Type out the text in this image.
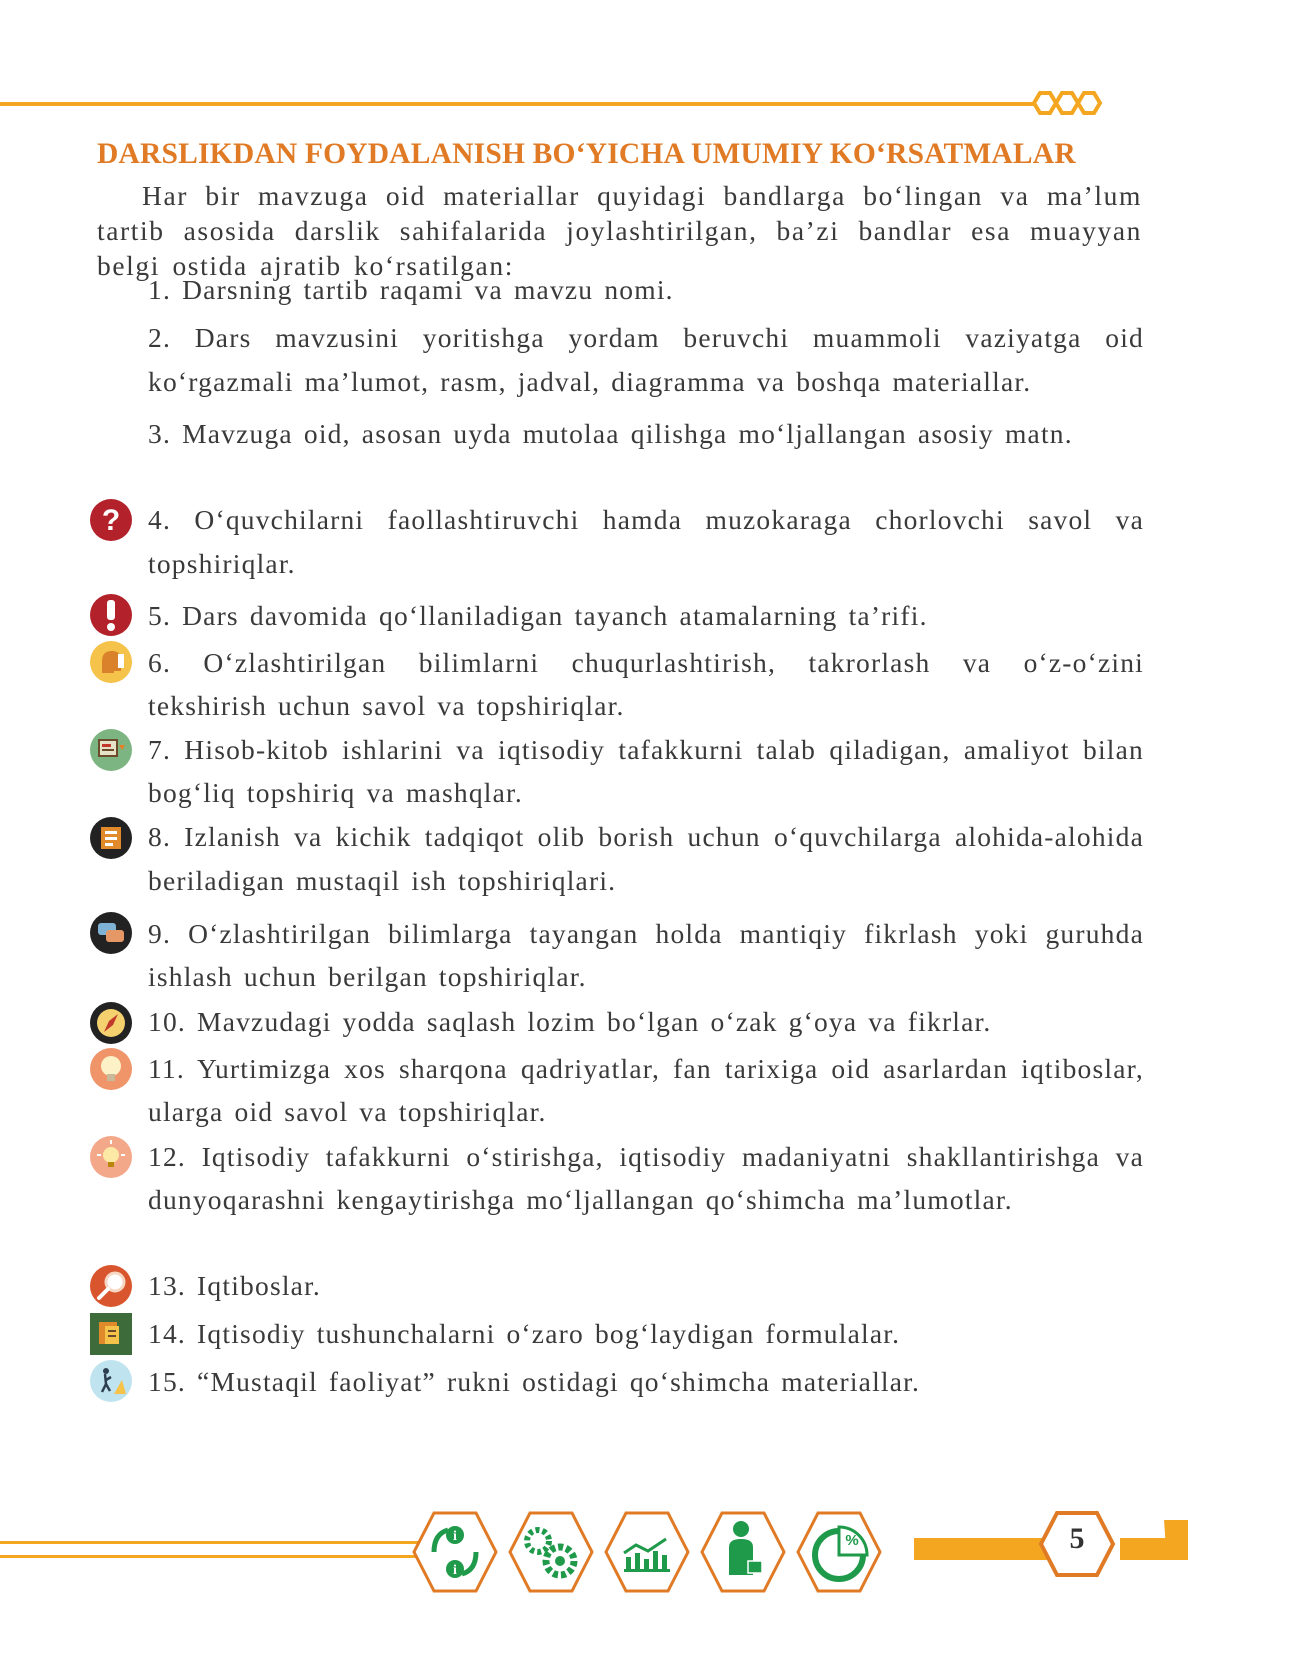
DARSLIKDAN FOYDALANISH BO‘YICHA UMUMIY KO‘RSATMALAR

Har bir mavzuga oid materiallar quyidagi bandlarga bo‘lingan va ma’lum tartib asosida darslik sahifalarida joylashtirilgan, ba’zi bandlar esa muayyan belgi ostida ajratib ko‘rsatilgan:

1. Darsning tartib raqami va mavzu nomi.
2. Dars mavzusini yoritishga yordam beruvchi muammoli vaziyatga oid ko‘rgazmali ma’lumot, rasm, jadval, diagramma va boshqa materiallar.
3. Mavzuga oid, asosan uyda mutolaa qilishga mo‘ljallangan asosiy matn.
4. O‘quvchilarni faollashtiruvchi hamda muzokaraga chorlovchi savol va topshiriqlar.
5. Dars davomida qo‘llaniladigan tayanch atamalarning ta’rifi.
6. O‘zlashtirilgan bilimlarni chuqurlashtirish, takrorlash va o‘z-o‘zini tekshirish uchun savol va topshiriqlar.
7. Hisob-kitob ishlarini va iqtisodiy tafakkurni talab qiladigan, amaliyot bilan bog‘liq topshiriq va mashqlar.
8. Izlanish va kichik tadqiqot olib borish uchun o‘quvchilarga alohida-alohida beriladigan mustaqil ish topshiriqlari.
9. O‘zlashtirilgan bilimlarga tayangan holda mantiqiy fikrlash yoki guruhda ishlash uchun berilgan topshiriqlar.
10. Mavzudagi yodda saqlash lozim bo‘lgan o‘zak g‘oya va fikrlar.
11. Yurtimizga xos sharqona qadriyatlar, fan tarixiga oid asarlardan iqtiboslar, ularga oid savol va topshiriqlar.
12. Iqtisodiy tafakkurni o‘stirishga, iqtisodiy madaniyatni shakllantirishga va dunyoqarashni kengaytirishga mo‘ljallangan qo‘shimcha ma’lumotlar.
13. Iqtiboslar.
14. Iqtisodiy tushunchalarni o‘zaro bog‘laydigan formulalar.
15. “Mustaqil faoliyat” rukni ostidagi qo‘shimcha materiallar.
?
i
i
%	5
